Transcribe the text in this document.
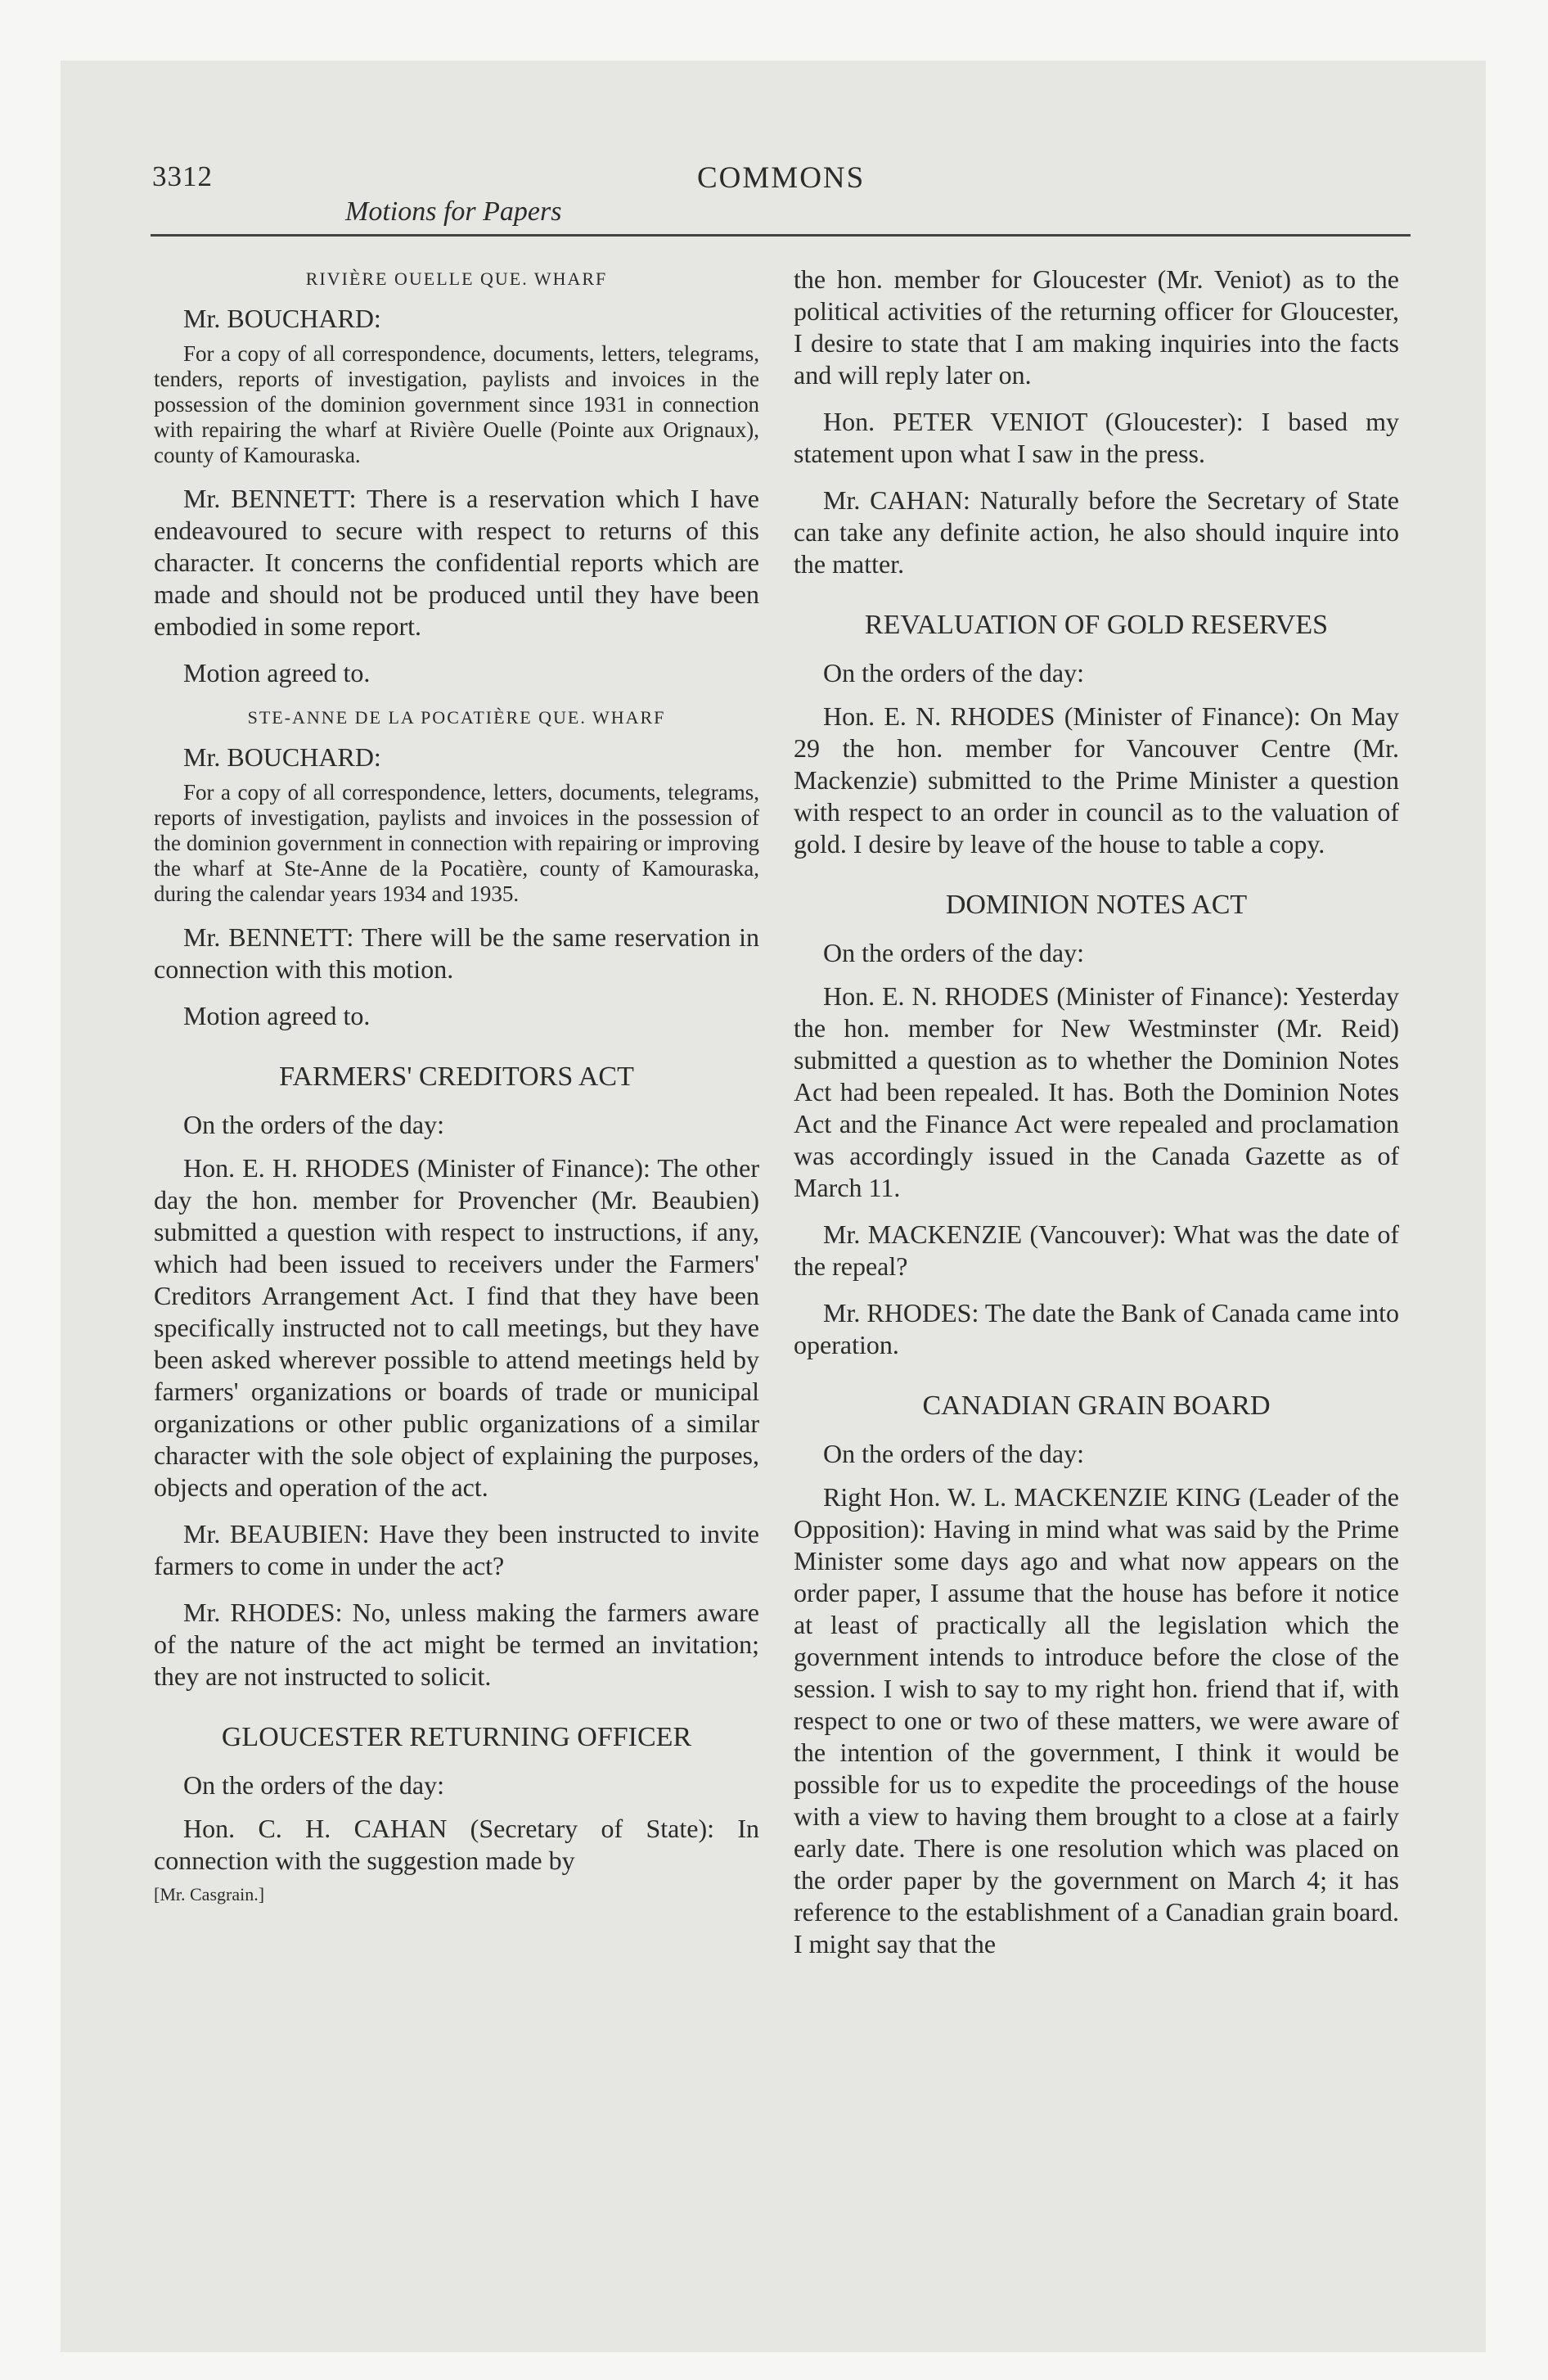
3312	COMMONS
Motions for Papers

RIVIÈRE OUELLE QUE. WHARF

Mr. BOUCHARD:

For a copy of all correspondence, documents, letters, telegrams, tenders, reports of investigation, paylists and invoices in the possession of the dominion government since 1931 in connection with repairing the wharf at Rivière Ouelle (Pointe aux Orignaux), county of Kamouraska.

Mr. BENNETT: There is a reservation which I have endeavoured to secure with respect to returns of this character. It concerns the confidential reports which are made and should not be produced until they have been embodied in some report.

Motion agreed to.

STE-ANNE DE LA POCATIÈRE QUE. WHARF

Mr. BOUCHARD:

For a copy of all correspondence, letters, documents, telegrams, reports of investigation, paylists and invoices in the possession of the dominion government in connection with repairing or improving the wharf at Ste-Anne de la Pocatière, county of Kamouraska, during the calendar years 1934 and 1935.

Mr. BENNETT: There will be the same reservation in connection with this motion.

Motion agreed to.

FARMERS' CREDITORS ACT

On the orders of the day:

Hon. E. H. RHODES (Minister of Finance): The other day the hon. member for Provencher (Mr. Beaubien) submitted a question with respect to instructions, if any, which had been issued to receivers under the Farmers' Creditors Arrangement Act. I find that they have been specifically instructed not to call meetings, but they have been asked wherever possible to attend meetings held by farmers' organizations or boards of trade or municipal organizations or other public organizations of a similar character with the sole object of explaining the purposes, objects and operation of the act.

Mr. BEAUBIEN: Have they been instructed to invite farmers to come in under the act?

Mr. RHODES: No, unless making the farmers aware of the nature of the act might be termed an invitation; they are not instructed to solicit.

GLOUCESTER RETURNING OFFICER

On the orders of the day:

Hon. C. H. CAHAN (Secretary of State): In connection with the suggestion made by

[Mr. Casgrain.]

the hon. member for Gloucester (Mr. Veniot) as to the political activities of the returning officer for Gloucester, I desire to state that I am making inquiries into the facts and will reply later on.

Hon. PETER VENIOT (Gloucester): I based my statement upon what I saw in the press.

Mr. CAHAN: Naturally before the Secretary of State can take any definite action, he also should inquire into the matter.

REVALUATION OF GOLD RESERVES

On the orders of the day:

Hon. E. N. RHODES (Minister of Finance): On May 29 the hon. member for Vancouver Centre (Mr. Mackenzie) submitted to the Prime Minister a question with respect to an order in council as to the valuation of gold. I desire by leave of the house to table a copy.

DOMINION NOTES ACT

On the orders of the day:

Hon. E. N. RHODES (Minister of Finance): Yesterday the hon. member for New Westminster (Mr. Reid) submitted a question as to whether the Dominion Notes Act had been repealed. It has. Both the Dominion Notes Act and the Finance Act were repealed and proclamation was accordingly issued in the Canada Gazette as of March 11.

Mr. MACKENZIE (Vancouver): What was the date of the repeal?

Mr. RHODES: The date the Bank of Canada came into operation.

CANADIAN GRAIN BOARD

On the orders of the day:

Right Hon. W. L. MACKENZIE KING (Leader of the Opposition): Having in mind what was said by the Prime Minister some days ago and what now appears on the order paper, I assume that the house has before it notice at least of practically all the legislation which the government intends to introduce before the close of the session. I wish to say to my right hon. friend that if, with respect to one or two of these matters, we were aware of the intention of the government, I think it would be possible for us to expedite the proceedings of the house with a view to having them brought to a close at a fairly early date. There is one resolution which was placed on the order paper by the government on March 4; it has reference to the establishment of a Canadian grain board. I might say that the
